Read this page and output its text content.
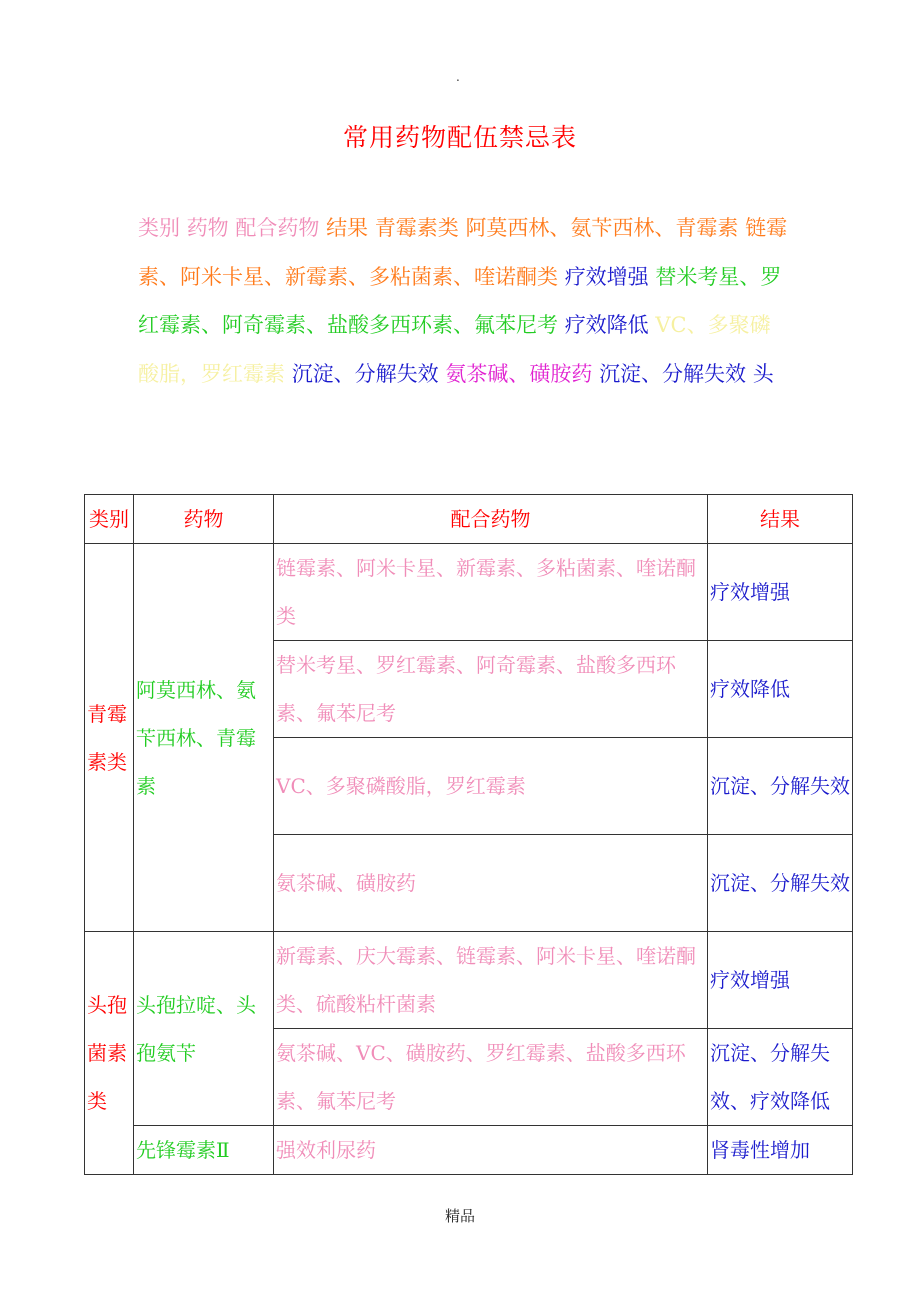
.
常用药物配伍禁忌表
类别 药物 配合药物 结果 青霉素类 阿莫西林、氨苄西林、青霉素 链霉素、阿米卡星、新霉素、多粘菌素、喹诺酮类 疗效增强 替米考星、罗红霉素、阿奇霉素、盐酸多西环素、氟苯尼考 疗效降低 VC、多聚磷酸脂，罗红霉素 沉淀、分解失效 氨茶碱、磺胺药 沉淀、分解失效 头
类别	药物	配合药物	结果
青霉素类	阿莫西林、氨苄西林、青霉素	链霉素、阿米卡星、新霉素、多粘菌素、喹诺酮类	疗效增强
		替米考星、罗红霉素、阿奇霉素、盐酸多西环素、氟苯尼考	疗效降低
		VC、多聚磷酸脂，罗红霉素	沉淀、分解失效
		氨茶碱、磺胺药	沉淀、分解失效
头孢菌素类	头孢拉啶、头孢氨苄	新霉素、庆大霉素、链霉素、阿米卡星、喹诺酮类、硫酸粘杆菌素	疗效增强
		氨茶碱、VC、磺胺药、罗红霉素、盐酸多西环素、氟苯尼考	沉淀、分解失效、疗效降低
	先锋霉素Ⅱ	强效利尿药	肾毒性增加
精品
